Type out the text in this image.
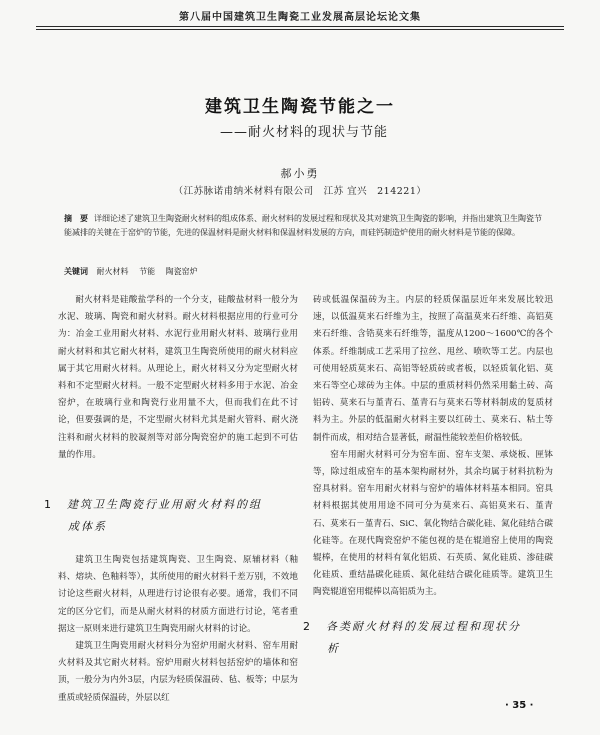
第八届中国建筑卫生陶瓷工业发展高层论坛论文集
建筑卫生陶瓷节能之一
——耐火材料的现状与节能
郝小勇
（江苏脉诺甫纳米材料有限公司　江苏 宜兴　214221）
摘　要 详细论述了建筑卫生陶瓷耐火材料的组成体系、耐火材料的发展过程和现状及其对建筑卫生陶瓷的影响，并指出建筑卫生陶瓷节能减排的关键在于窑炉的节能，先进的保温材料是耐火材料和保温材料发展的方向，而硅钙制造炉使用的耐火材料是节能的保障。
关键词 耐火材料 节能 陶瓷窑炉

耐火材料是硅酸盐学科的一个分支，硅酸盐材料一般分为水泥、玻璃、陶瓷和耐火材料。耐火材料根据应用的行业可分为：冶金工业用耐火材料、水泥行业用耐火材料、玻璃行业用耐火材料和其它耐火材料，建筑卫生陶瓷所使用的耐火材料应属于其它用耐火材料。从理论上，耐火材料又分为定型耐火材料和不定型耐火材料。一般不定型耐火材料多用于水泥、冶金窑炉，在玻璃行业和陶瓷行业用量不大，但而我们在此不讨论，但要强调的是，不定型耐火材料尤其是耐火管料、耐火浇注料和耐火材料的胶凝剂等对部分陶瓷窑炉的施工起到不可估量的作用。

1 建筑卫生陶瓷行业用耐火材料的组
成体系

建筑卫生陶瓷包括建筑陶瓷、卫生陶瓷、原辅材料（釉料、熔块、色釉料等），其所使用的耐火材料千差万别，不效地讨论这些耐火材料，从理进行讨论很有必要。通常，我们不同定的区分它们，而是从耐火材料的材质方面进行讨论，笔者重据这一原则来进行建筑卫生陶瓷用耐火材料的讨论。

建筑卫生陶瓷用耐火材料分为窑炉用耐火材料、窑车用耐火材料及其它耐火材料。窑炉用耐火材料包括窑炉的墙体和窑顶，一般分为内外3层，内层为轻质保温砖、毡、板等；中层为重质或轻质保温砖，外层以红

砖或低温保温砖为主。内层的轻质保温层近年来发展比较迅速，以低温莫来石纤维为主，按照了高温莫来石纤维、高铝莫来石纤维、含锆莫来石纤维等，温度从1200～1600℃的各个体系。纤维制成工艺采用了拉丝、甩丝、喷吹等工艺。内层也可使用轻质莫来石、高铝等轻质砖或者板，以轻质氧化铝、莫来石等空心球砖为主体。中层的重质材料仍然采用黏土砖、高铝砖、莫来石与堇青石、堇青石与莫来石等材料制成的复质材料为主。外层的低温耐火材料主要以红砖土、莫来石、粘土等制件而成，相对结合显著低，耐温性能较差但价格较低。

窑车用耐火材料可分为窑车面、窑车支架、承烧板、匣钵等，除过组成窑车的基本架构耐材外，其余均属于材料抗粉为窑具材料。窑车用耐火材料与窑炉的墙体材料基本相同。窑具材料根据其使用用途不同可分为莫来石、高铝莫来石、堇青石、莫来石－堇青石、SiC、氧化物结合碳化硅、氮化硅结合碳化硅等。在现代陶瓷窑炉不能包视的是在辊道窑上使用的陶瓷辊棒，在使用的材料有氧化铝质、石英质、氮化硅质、渗硅碳化硅质、重结晶碳化硅质、氮化硅结合碳化硅质等。建筑卫生陶瓷辊道窑用辊棒以高铝质为主。

2 各类耐火材料的发展过程和现状分
析
· 35 ·
